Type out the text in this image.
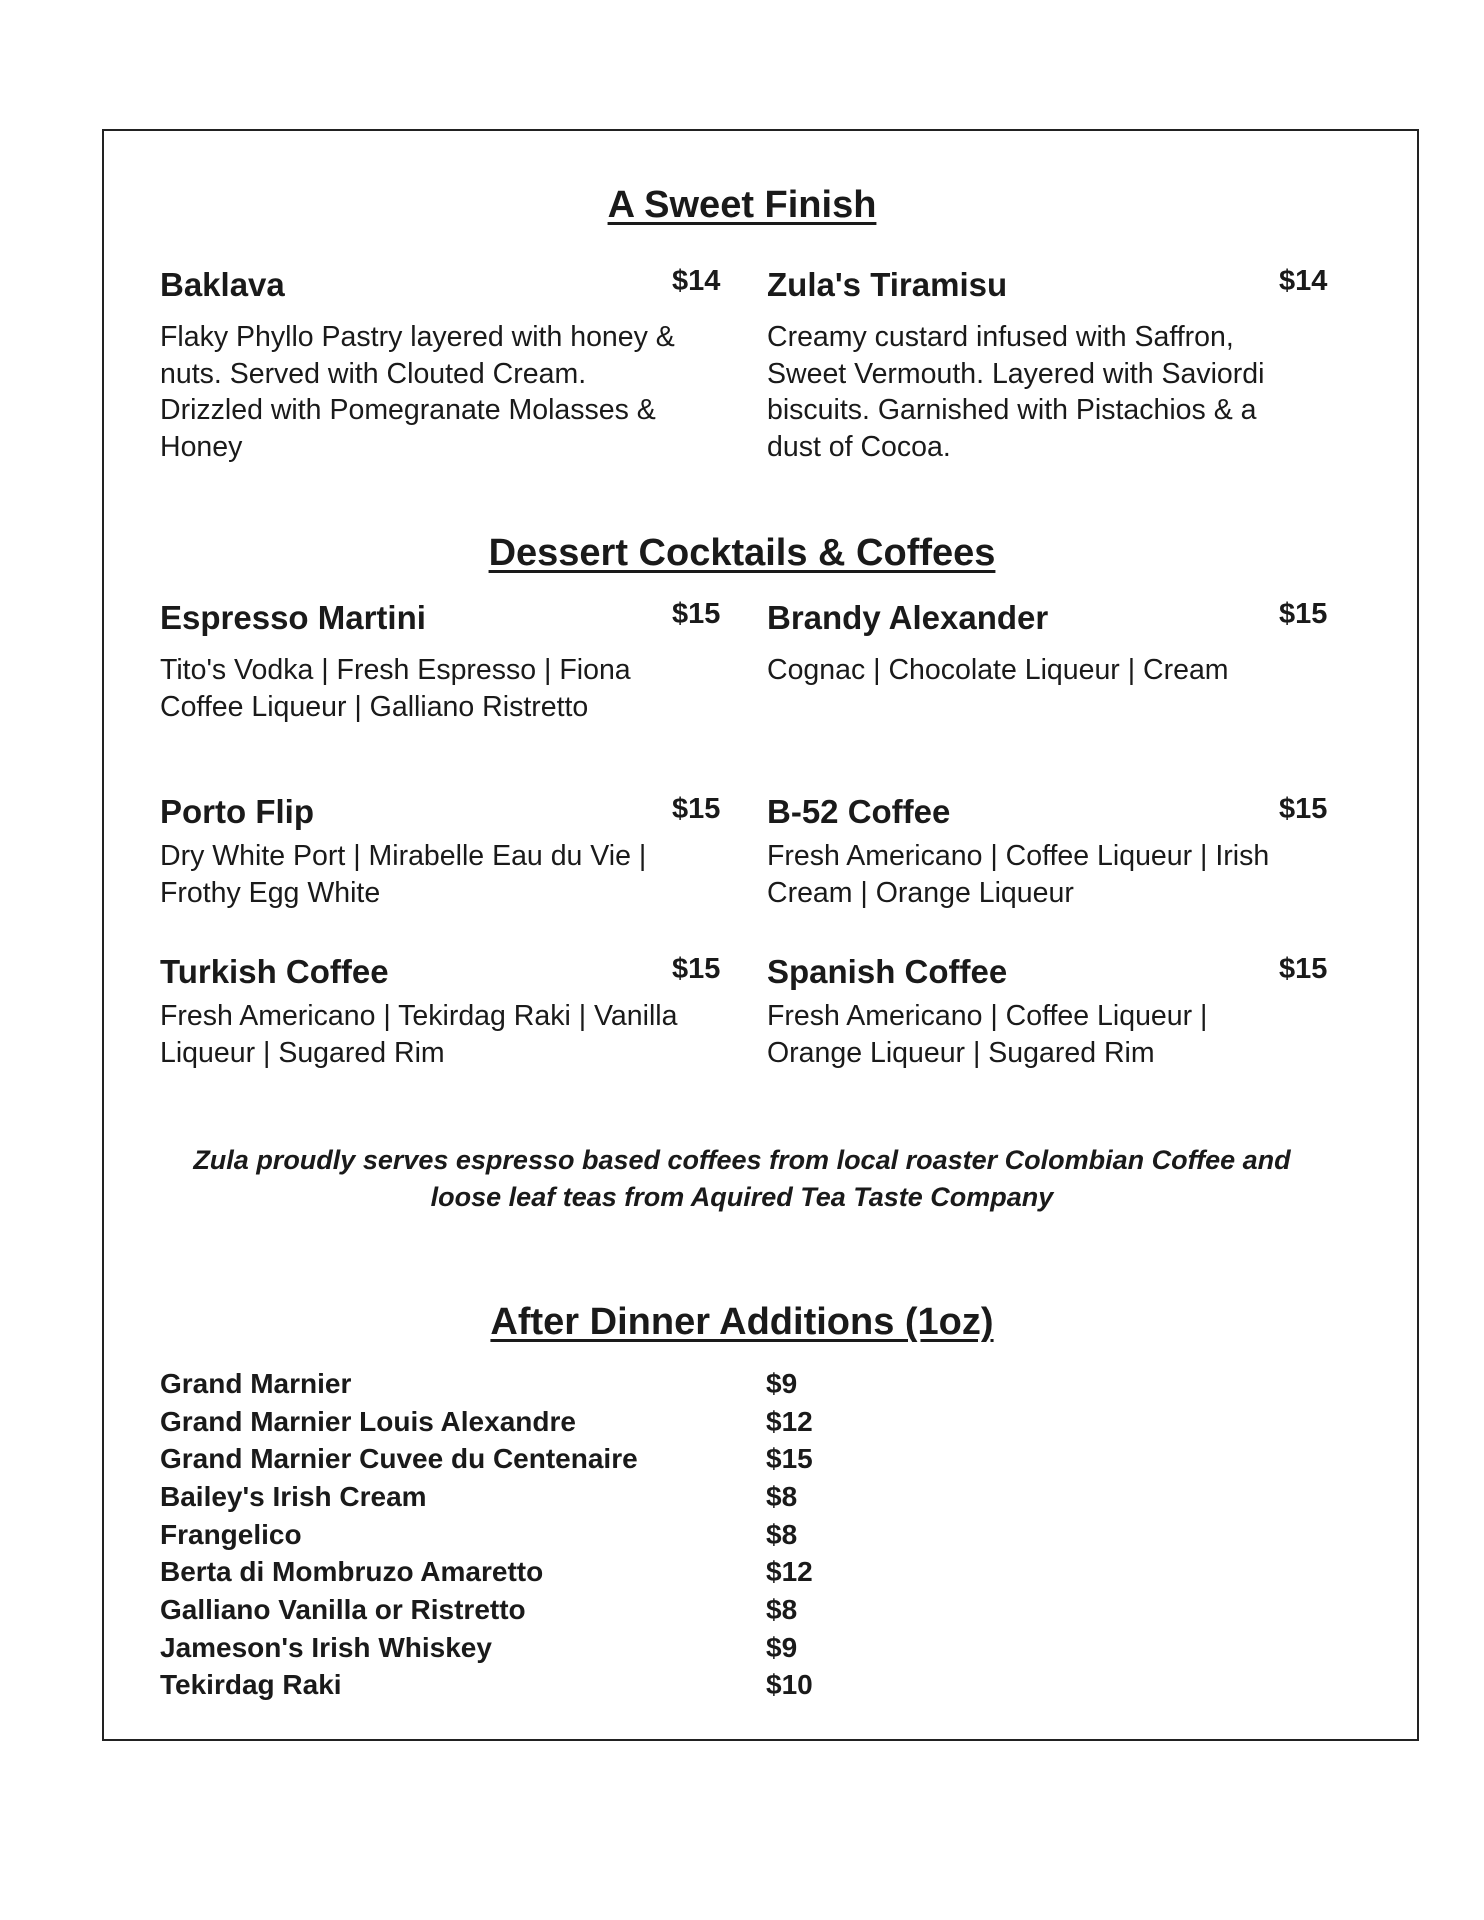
A Sweet Finish
Baklava	$14
Flaky Phyllo Pastry layered with honey & nuts. Served with Clouted Cream. Drizzled with Pomegranate Molasses & Honey
Zula's Tiramisu	$14
Creamy custard infused with Saffron, Sweet Vermouth. Layered with Saviordi biscuits. Garnished with Pistachios & a dust of Cocoa.
Dessert Cocktails & Coffees
Espresso Martini	$15
Tito's Vodka | Fresh Espresso | Fiona Coffee Liqueur | Galliano Ristretto
Brandy Alexander	$15
Cognac | Chocolate Liqueur | Cream
Porto Flip	$15
Dry White Port | Mirabelle Eau du Vie | Frothy Egg White
B-52 Coffee	$15
Fresh Americano | Coffee Liqueur | Irish Cream | Orange Liqueur
Turkish Coffee	$15
Fresh Americano | Tekirdag Raki | Vanilla Liqueur | Sugared Rim
Spanish Coffee	$15
Fresh Americano | Coffee Liqueur | Orange Liqueur | Sugared Rim
Zula proudly serves espresso based coffees from local roaster Colombian Coffee and loose leaf teas from Aquired Tea Taste Company
After Dinner Additions (1oz)
Grand Marnier	$9
Grand Marnier Louis Alexandre	$12
Grand Marnier Cuvee du Centenaire	$15
Bailey's Irish Cream	$8
Frangelico	$8
Berta di Mombruzo Amaretto	$12
Galliano Vanilla or Ristretto	$8
Jameson's Irish Whiskey	$9
Tekirdag Raki	$10
